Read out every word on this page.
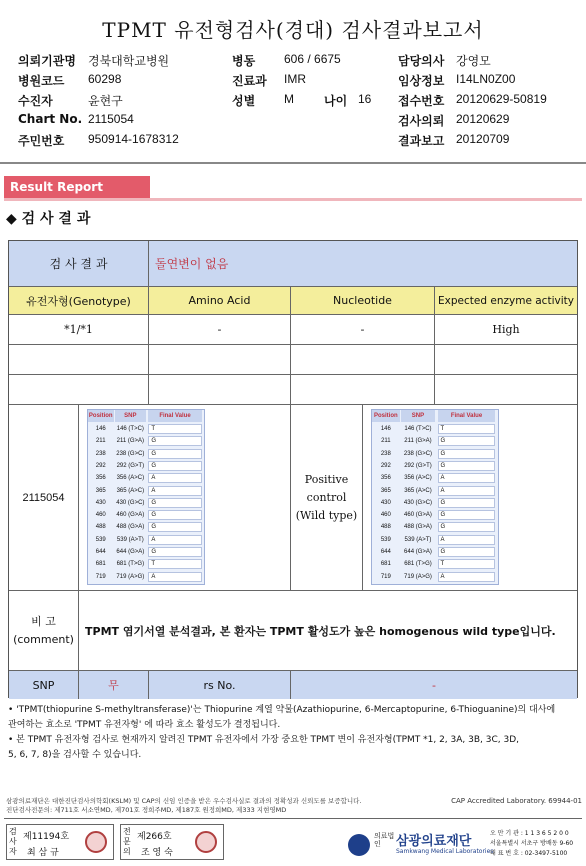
TPMT 유전형검사(경대) 검사결과보고서
의뢰기관명 경북대학교병원	병동 606 / 6675	담당의사 강영모
병원코드 60298	진료과 IMR	임상정보 I14LN0Z00
수진자	윤현구	성별 M	나이 16 접수번호 20120629-50819
Chart No. 2115054	검사의뢰 20120629
주민번호 950914-1678312	결과보고 20120709
Result Report
◆ 검 사 결 과
검 사 결 과	돌연변이 없음
유전자형(Genotype)	Amino Acid	Nucleotide	Expected enzyme activity
*1/*1	-	-	High
2115054
Position	SNP	Final Value
146	146 (T>C)	T
211	211 (G>A)	G
238	238 (G>C)	G
292	292 (G>T)	G
356	356 (A>C)	A
365	365 (A>C)	A
430	430 (G>C)	G
460	460 (G>A)	G
488	488 (G>A)	G
539	539 (A>T)	A
644	644 (G>A)	G
681	681 (T>G)	T
719	719 (A>G)	A
Positive
control
(Wild type)
Position	SNP	Final Value
146	146 (T>C)	T
211	211 (G>A)	G
238	238 (G>C)	G
292	292 (G>T)	G
356	356 (A>C)	A
365	365 (A>C)	A
430	430 (G>C)	G
460	460 (G>A)	G
488	488 (G>A)	G
539	539 (A>T)	A
644	644 (G>A)	G
681	681 (T>G)	T
719	719 (A>G)	A
비 고
(comment)
TPMT 염기서열 분석결과, 본 환자는 TPMT 활성도가 높은 homogenous wild type입니다.
SNP	무	rs No.	-
• 'TPMT(thiopurine S-methyltransferase)'는 Thiopurine 계열 약물(Azathiopurine, 6-Mercaptopurine, 6-Thioguanine)의 대사에
관여하는 효소로 'TPMT 유전자형' 에 따라 효소 활성도가 결정됩니다.
• 본 TPMT 유전자형 검사로 현재까지 알려진 TPMT 유전자에서 가장 중요한 TPMT 변이 유전자형(TPMT *1, 2, 3A, 3B, 3C, 3D,
5, 6, 7, 8)을 검사할 수 있습니다.
삼광의료재단은 대한진단검사의학회(KSLM) 및 CAP의 신임 인증을 받은 우수검사실로 결과의 정확성과 신뢰도를 보증합니다.
진단검사전문의: 제711호 서소연MD, 제701호 정희주MD, 제187호 원정희MD, 제333 지현영MD
CAP Accredited Laboratory. 69944-01
검사자
제11194호
최 삼 규
전문의
제266호
조 영 숙
의료법인	삼광의료재단
Samkwang Medical Laboratories
오 만 기 관 : 1 1 3 6 5 2 0 0
서울특별시 서초구 방배동 9-60
대 표 번 호 : 02-3497-5100
